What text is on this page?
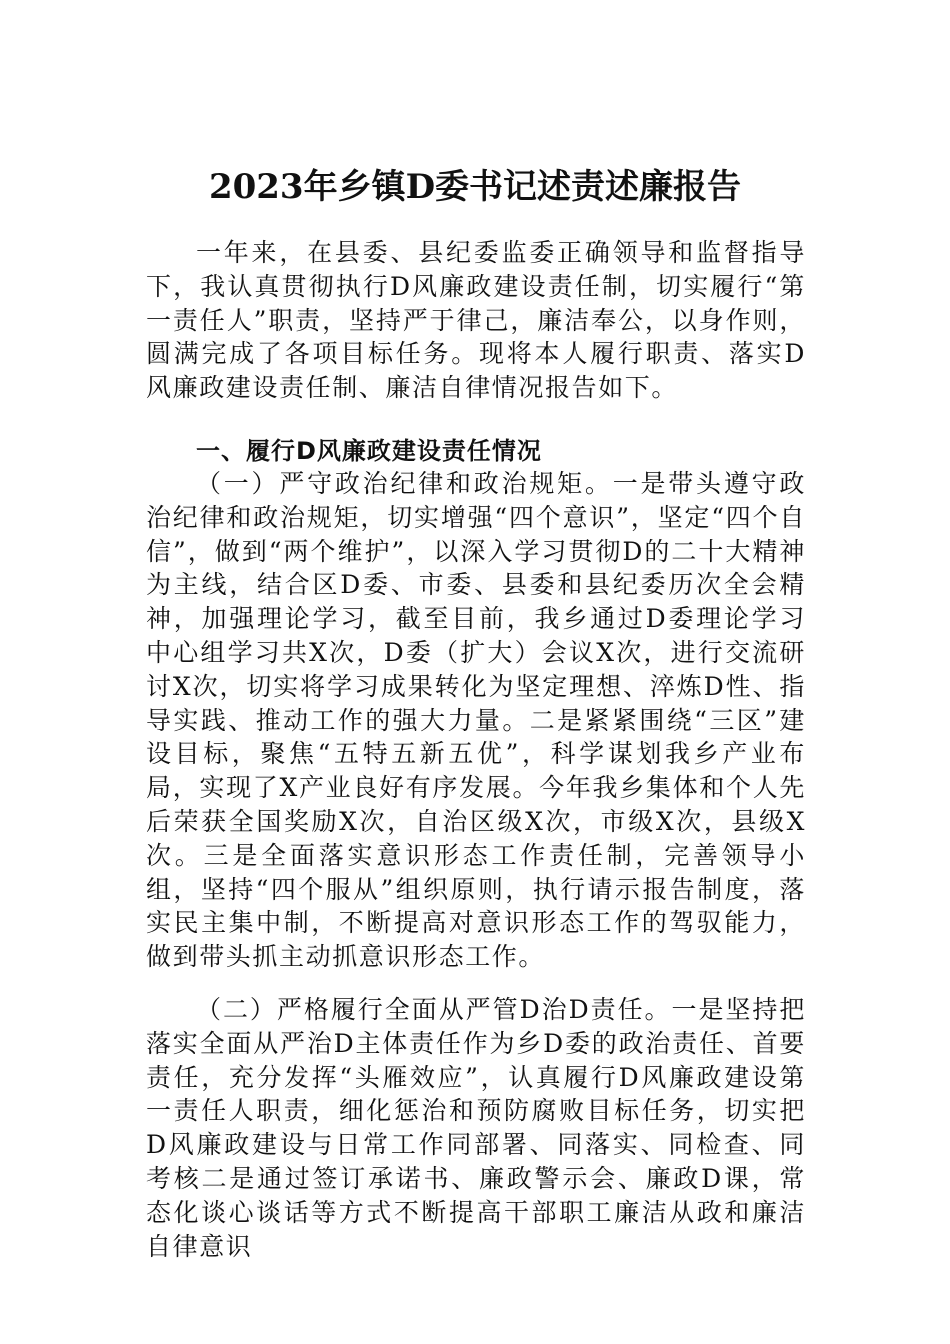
2023年乡镇D委书记述责述廉报告

一年来，在县委、县纪委监委正确领导和监督指导下，我认真贯彻执行D风廉政建设责任制，切实履行“第一责任人”职责，坚持严于律己，廉洁奉公，以身作则，圆满完成了各项目标任务。现将本人履行职责、落实D风廉政建设责任制、廉洁自律情况报告如下。

一、履行D风廉政建设责任情况

（一）严守政治纪律和政治规矩。一是带头遵守政治纪律和政治规矩，切实增强“四个意识”，坚定“四个自信”，做到“两个维护”，以深入学习贯彻D的二十大精神为主线，结合区D委、市委、县委和县纪委历次全会精神，加强理论学习，截至目前，我乡通过D委理论学习中心组学习共X次，D委（扩大）会议X次，进行交流研讨X次，切实将学习成果转化为坚定理想、淬炼D性、指导实践、推动工作的强大力量。二是紧紧围绕“三区”建设目标，聚焦“五特五新五优”，科学谋划我乡产业布局，实现了X产业良好有序发展。今年我乡集体和个人先后荣获全国奖励X次，自治区级X次，市级X次，县级X次。三是全面落实意识形态工作责任制，完善领导小组，坚持“四个服从”组织原则，执行请示报告制度，落实民主集中制，不断提高对意识形态工作的驾驭能力，做到带头抓主动抓意识形态工作。

（二）严格履行全面从严管D治D责任。一是坚持把落实全面从严治D主体责任作为乡D委的政治责任、首要责任，充分发挥“头雁效应”，认真履行D风廉政建设第一责任人职责，细化惩治和预防腐败目标任务，切实把D风廉政建设与日常工作同部署、同落实、同检查、同考核二是通过签订承诺书、廉政警示会、廉政D课，常态化谈心谈话等方式不断提高干部职工廉洁从政和廉洁自律意识
